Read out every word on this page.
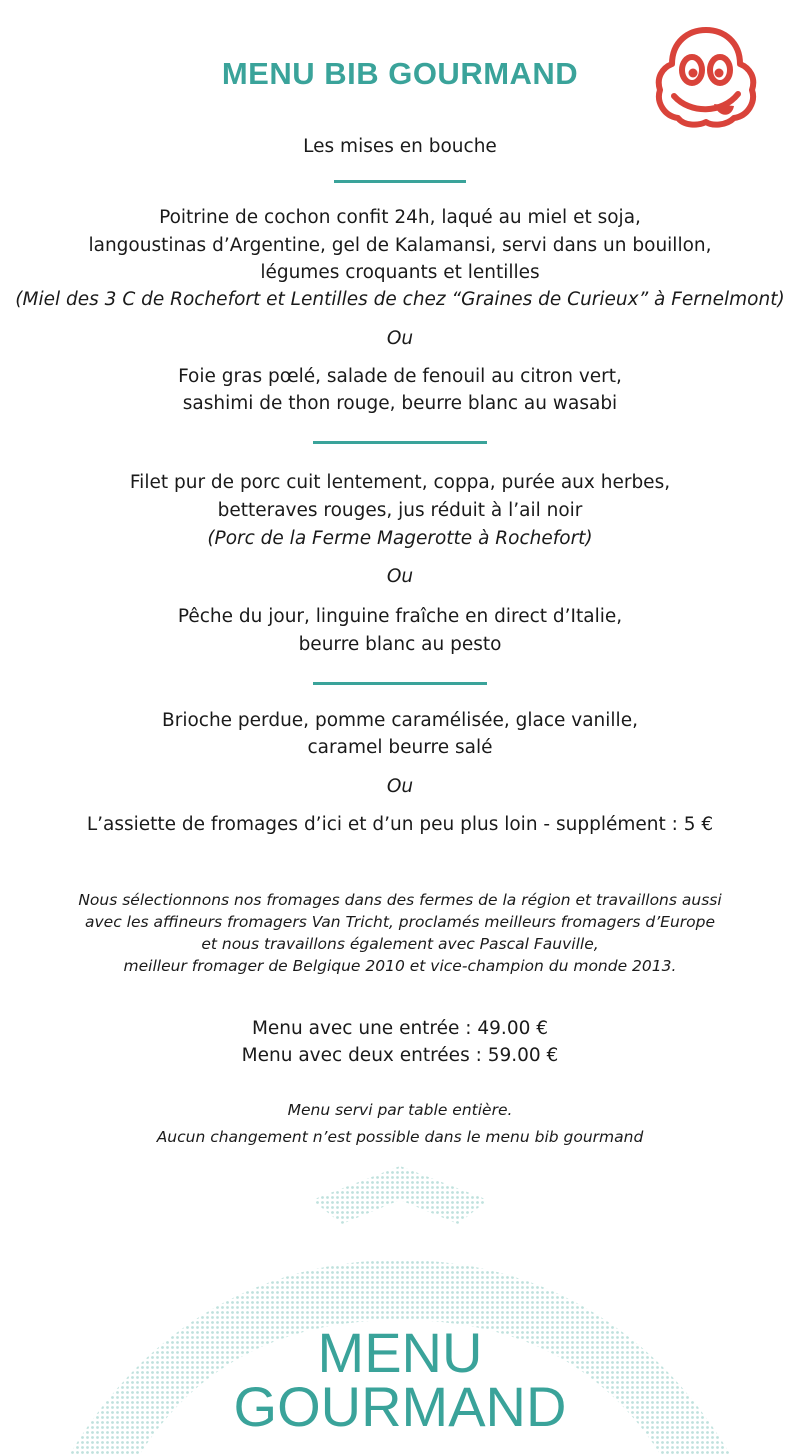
MENU BIB GOURMAND
Les mises en bouche
Poitrine de cochon confit 24h, laqué au miel et soja,
langoustinas d’Argentine, gel de Kalamansi, servi dans un bouillon,
légumes croquants et lentilles
(Miel des 3 C de Rochefort et Lentilles de chez “Graines de Curieux” à Fernelmont)
Ou
Foie gras pœlé, salade de fenouil au citron vert,
sashimi de thon rouge, beurre blanc au wasabi
Filet pur de porc cuit lentement, coppa, purée aux herbes,
betteraves rouges, jus réduit à l’ail noir
(Porc de la Ferme Magerotte à Rochefort)
Ou
Pêche du jour, linguine fraîche en direct d’Italie,
beurre blanc au pesto
Brioche perdue, pomme caramélisée, glace vanille,
caramel beurre salé
Ou
L’assiette de fromages d’ici et d’un peu plus loin - supplément : 5 €
Nous sélectionnons nos fromages dans des fermes de la région et travaillons aussi
avec les affineurs fromagers Van Tricht, proclamés meilleurs fromagers d’Europe
et nous travaillons également avec Pascal Fauville,
meilleur fromager de Belgique 2010 et vice-champion du monde 2013.
Menu avec une entrée : 49.00 €
Menu avec deux entrées : 59.00 €
Menu servi par table entière.
Aucun changement n’est possible dans le menu bib gourmand
MENU
GOURMAND
